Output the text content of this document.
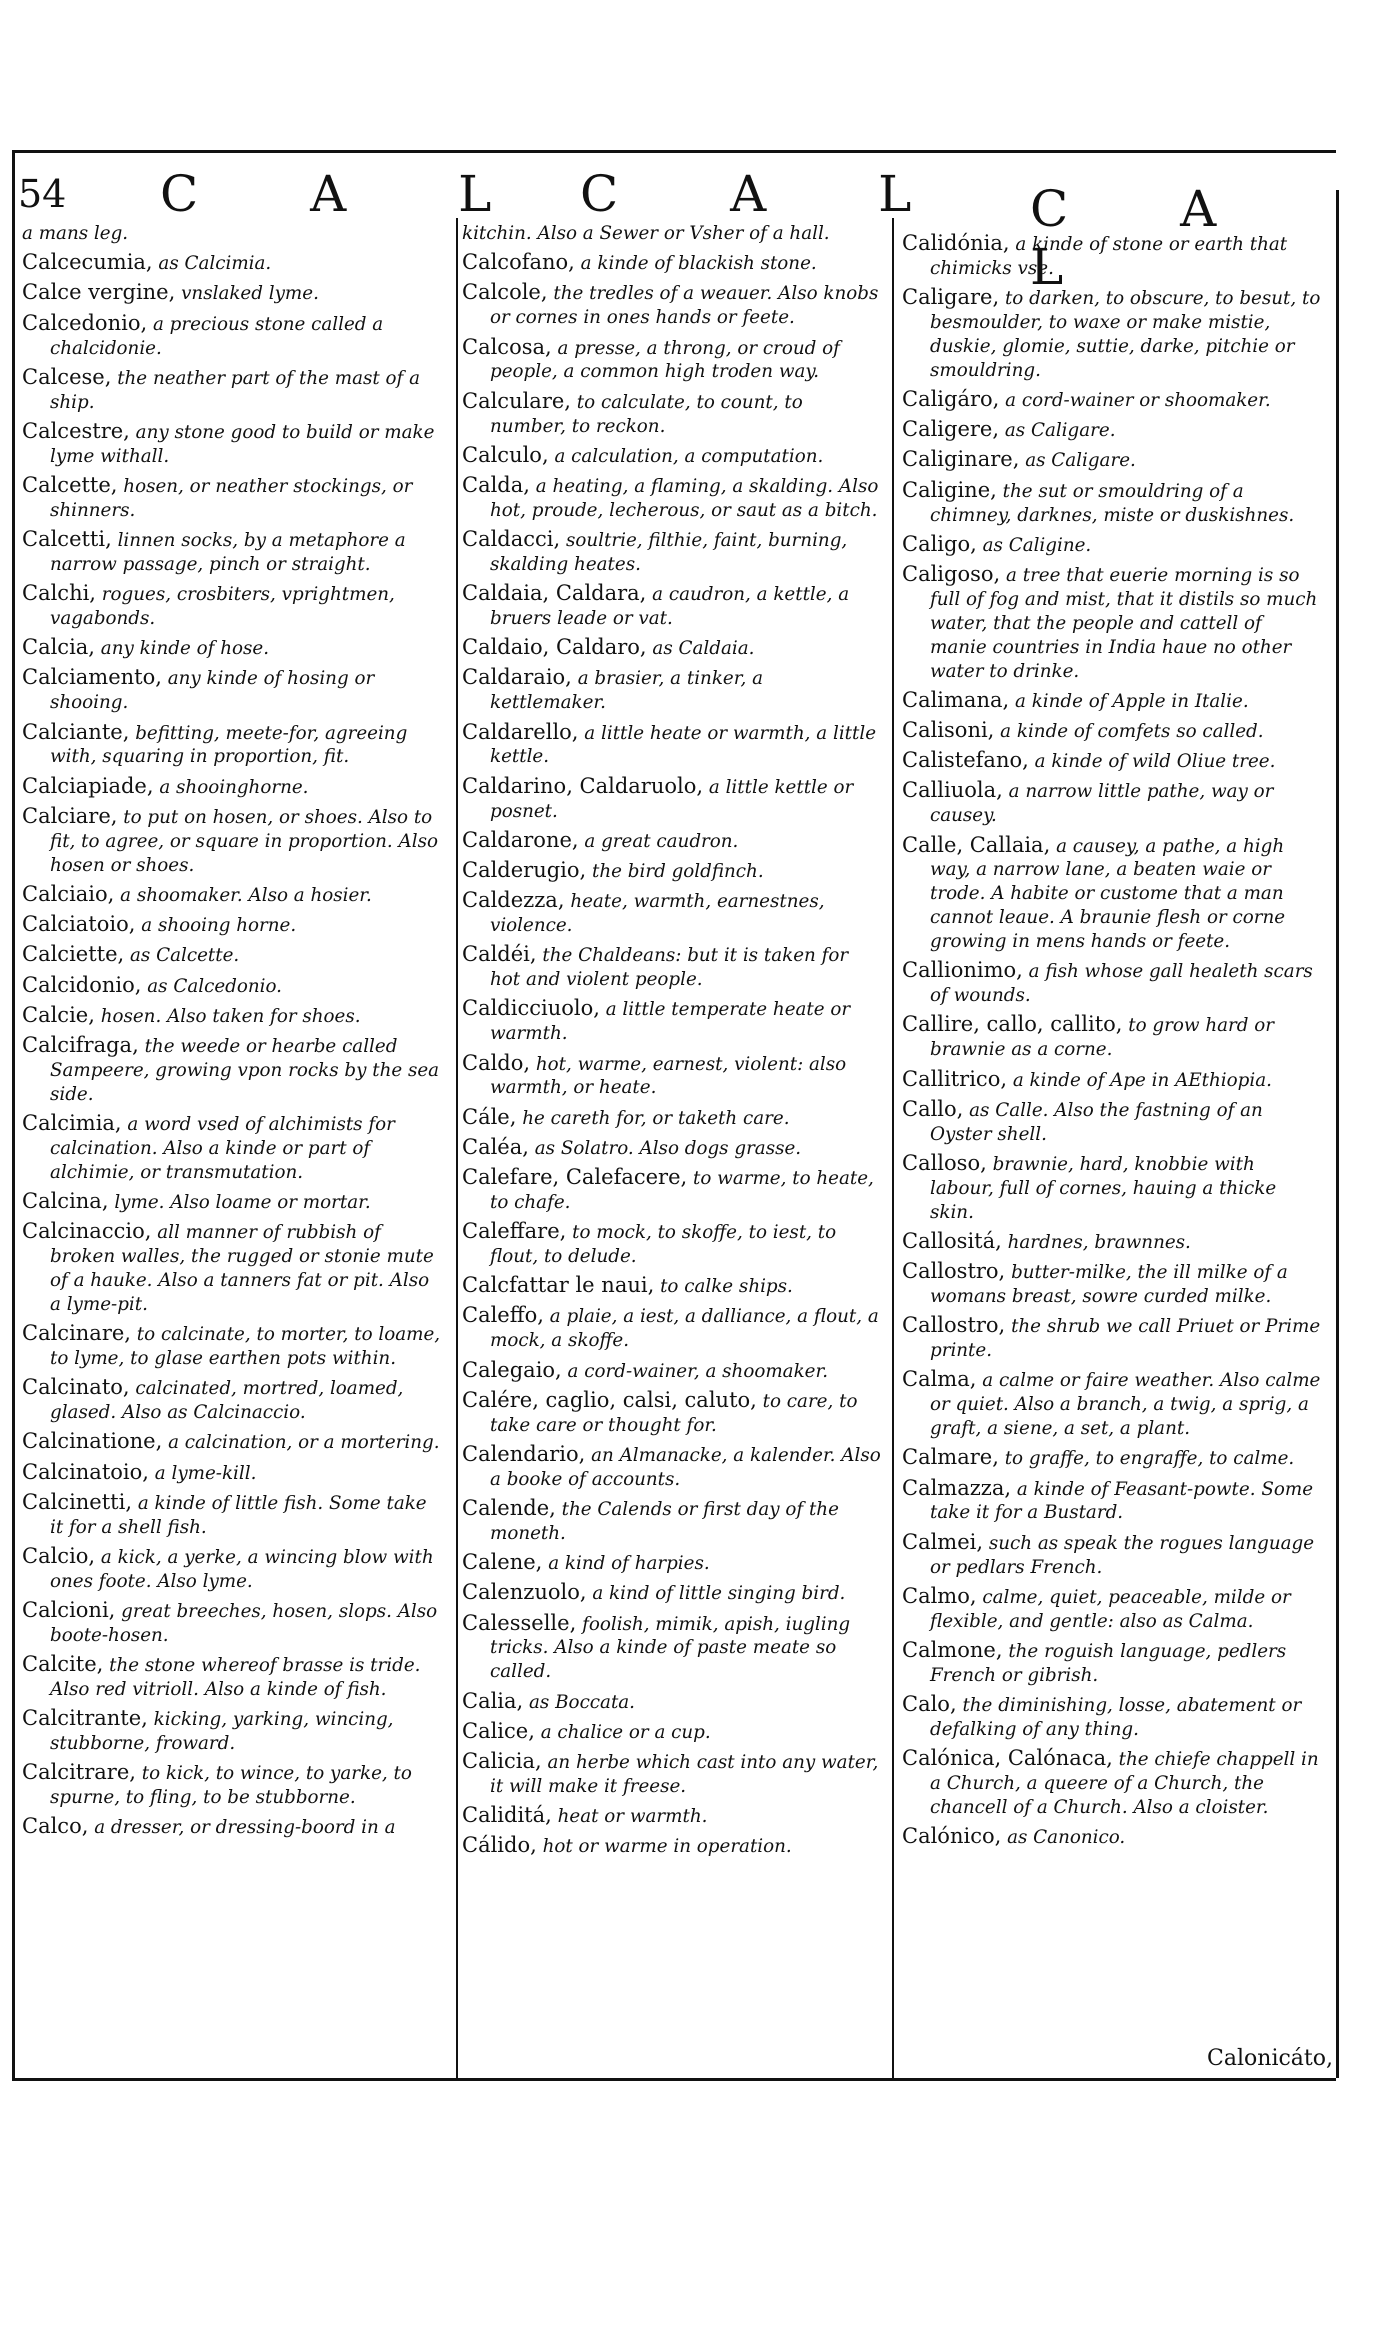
54 C A L C A L C A L
a mans leg.
Calcecumia, as Calcimia.
Calce vergine, vnslaked lyme.
Calcedonio, a precious stone called a chalcidonie.
Calcese, the neather part of the mast of a ship.
Calcestre, any stone good to build or make lyme withall.
Calcette, hosen, or neather stockings, or shinners.
Calcetti, linnen socks, by a metaphore a narrow passage, pinch or straight.
Calchi, rogues, crosbiters, vprightmen, vagabonds.
Calcia, any kinde of hose.
Calciamento, any kinde of hosing or shooing.
Calciante, befitting, meete-for, agreeing with, squaring in proportion, fit.
Calciapiade, a shooinghorne.
Calciare, to put on hosen, or shoes. Also to fit, to agree, or square in proportion. Also hosen or shoes.
Calciaio, a shoomaker. Also a hosier.
Calciatoio, a shooing horne.
Calciette, as Calcette.
Calcidonio, as Calcedonio.
Calcie, hosen. Also taken for shoes.
Calcifraga, the weede or hearbe called Sampeere, growing vpon rocks by the sea side.
Calcimia, a word vsed of alchimists for calcination. Also a kinde or part of alchimie, or transmutation.
Calcina, lyme. Also loame or mortar.
Calcinaccio, all manner of rubbish of broken walles, the rugged or stonie mute of a hauke. Also a tanners fat or pit. Also a lyme-pit.
Calcinare, to calcinate, to morter, to loame, to lyme, to glase earthen pots within.
Calcinato, calcinated, mortred, loamed, glased. Also as Calcinaccio.
Calcinatione, a calcination, or a mortering.
Calcinatoio, a lyme-kill.
Calcinetti, a kinde of little fish. Some take it for a shell fish.
Calcio, a kick, a yerke, a wincing blow with ones foote. Also lyme.
Calcioni, great breeches, hosen, slops. Also boote-hosen.
Calcite, the stone whereof brasse is tride. Also red vitrioll. Also a kinde of fish.
Calcitrante, kicking, yarking, wincing, stubborne, froward.
Calcitrare, to kick, to wince, to yarke, to spurne, to fling, to be stubborne.
Calco, a dresser, or dressing-boord in a
kitchin. Also a Sewer or Vsher of a hall.
Calcofano, a kinde of blackish stone.
Calcole, the tredles of a weauer. Also knobs or cornes in ones hands or feete.
Calcosa, a presse, a throng, or croud of people, a common high troden way.
Calculare, to calculate, to count, to number, to reckon.
Calculo, a calculation, a computation.
Calda, a heating, a flaming, a skalding. Also hot, proude, lecherous, or saut as a bitch.
Caldacci, soultrie, filthie, faint, burning, skalding heates.
Caldaia, Caldara, a caudron, a kettle, a bruers leade or vat.
Caldaio, Caldaro, as Caldaia.
Caldaraio, a brasier, a tinker, a kettlemaker.
Caldarello, a little heate or warmth, a little kettle.
Caldarino, Caldaruolo, a little kettle or posnet.
Caldarone, a great caudron.
Calderugio, the bird goldfinch.
Caldezza, heate, warmth, earnestnes, violence.
Caldéi, the Chaldeans: but it is taken for hot and violent people.
Caldicciuolo, a little temperate heate or warmth.
Caldo, hot, warme, earnest, violent: also warmth, or heate.
Cále, he careth for, or taketh care.
Caléa, as Solatro. Also dogs grasse.
Calefare, Calefacere, to warme, to heate, to chafe.
Caleffare, to mock, to skoffe, to iest, to flout, to delude.
Calcfattar le naui, to calke ships.
Caleffo, a plaie, a iest, a dalliance, a flout, a mock, a skoffe.
Calegaio, a cord-wainer, a shoomaker.
Calére, caglio, calsi, caluto, to care, to take care or thought for.
Calendario, an Almanacke, a kalender. Also a booke of accounts.
Calende, the Calends or first day of the moneth.
Calene, a kind of harpies.
Calenzuolo, a kind of little singing bird.
Calesselle, foolish, mimik, apish, iugling tricks. Also a kinde of paste meate so called.
Calia, as Boccata.
Calice, a chalice or a cup.
Calicia, an herbe which cast into any water, it will make it freese.
Caliditá, heat or warmth.
Cálido, hot or warme in operation.
Calidónia, a kinde of stone or earth that chimicks vse.
Caligare, to darken, to obscure, to besut, to besmoulder, to waxe or make mistie, duskie, glomie, suttie, darke, pitchie or smouldring.
Caligáro, a cord-wainer or shoomaker.
Caligere, as Caligare.
Caliginare, as Caligare.
Caligine, the sut or smouldring of a chimney, darknes, miste or duskishnes.
Caligo, as Caligine.
Caligoso, a tree that euerie morning is so full of fog and mist, that it distils so much water, that the people and cattell of manie countries in India haue no other water to drinke.
Calimana, a kinde of Apple in Italie.
Calisoni, a kinde of comfets so called.
Calistefano, a kinde of wild Oliue tree.
Calliuola, a narrow little pathe, way or causey.
Calle, Callaia, a causey, a pathe, a high way, a narrow lane, a beaten waie or trode. A habite or custome that a man cannot leaue. A braunie flesh or corne growing in mens hands or feete.
Callionimo, a fish whose gall healeth scars of wounds.
Callire, callo, callito, to grow hard or brawnie as a corne.
Callitrico, a kinde of Ape in AEthiopia.
Callo, as Calle. Also the fastning of an Oyster shell.
Calloso, brawnie, hard, knobbie with labour, full of cornes, hauing a thicke skin.
Callositá, hardnes, brawnnes.
Callostro, butter-milke, the ill milke of a womans breast, sowre curded milke.
Callostro, the shrub we call Priuet or Prime printe.
Calma, a calme or faire weather. Also calme or quiet. Also a branch, a twig, a sprig, a graft, a siene, a set, a plant.
Calmare, to graffe, to engraffe, to calme.
Calmazza, a kinde of Feasant-powte. Some take it for a Bustard.
Calmei, such as speak the rogues language or pedlars French.
Calmo, calme, quiet, peaceable, milde or flexible, and gentle: also as Calma.
Calmone, the roguish language, pedlers French or gibrish.
Calo, the diminishing, losse, abatement or defalking of any thing.
Calónica, Calónaca, the chiefe chappell in a Church, a queere of a Church, the chancell of a Church. Also a cloister.
Calónico, as Canonico.
Calonicáto,
